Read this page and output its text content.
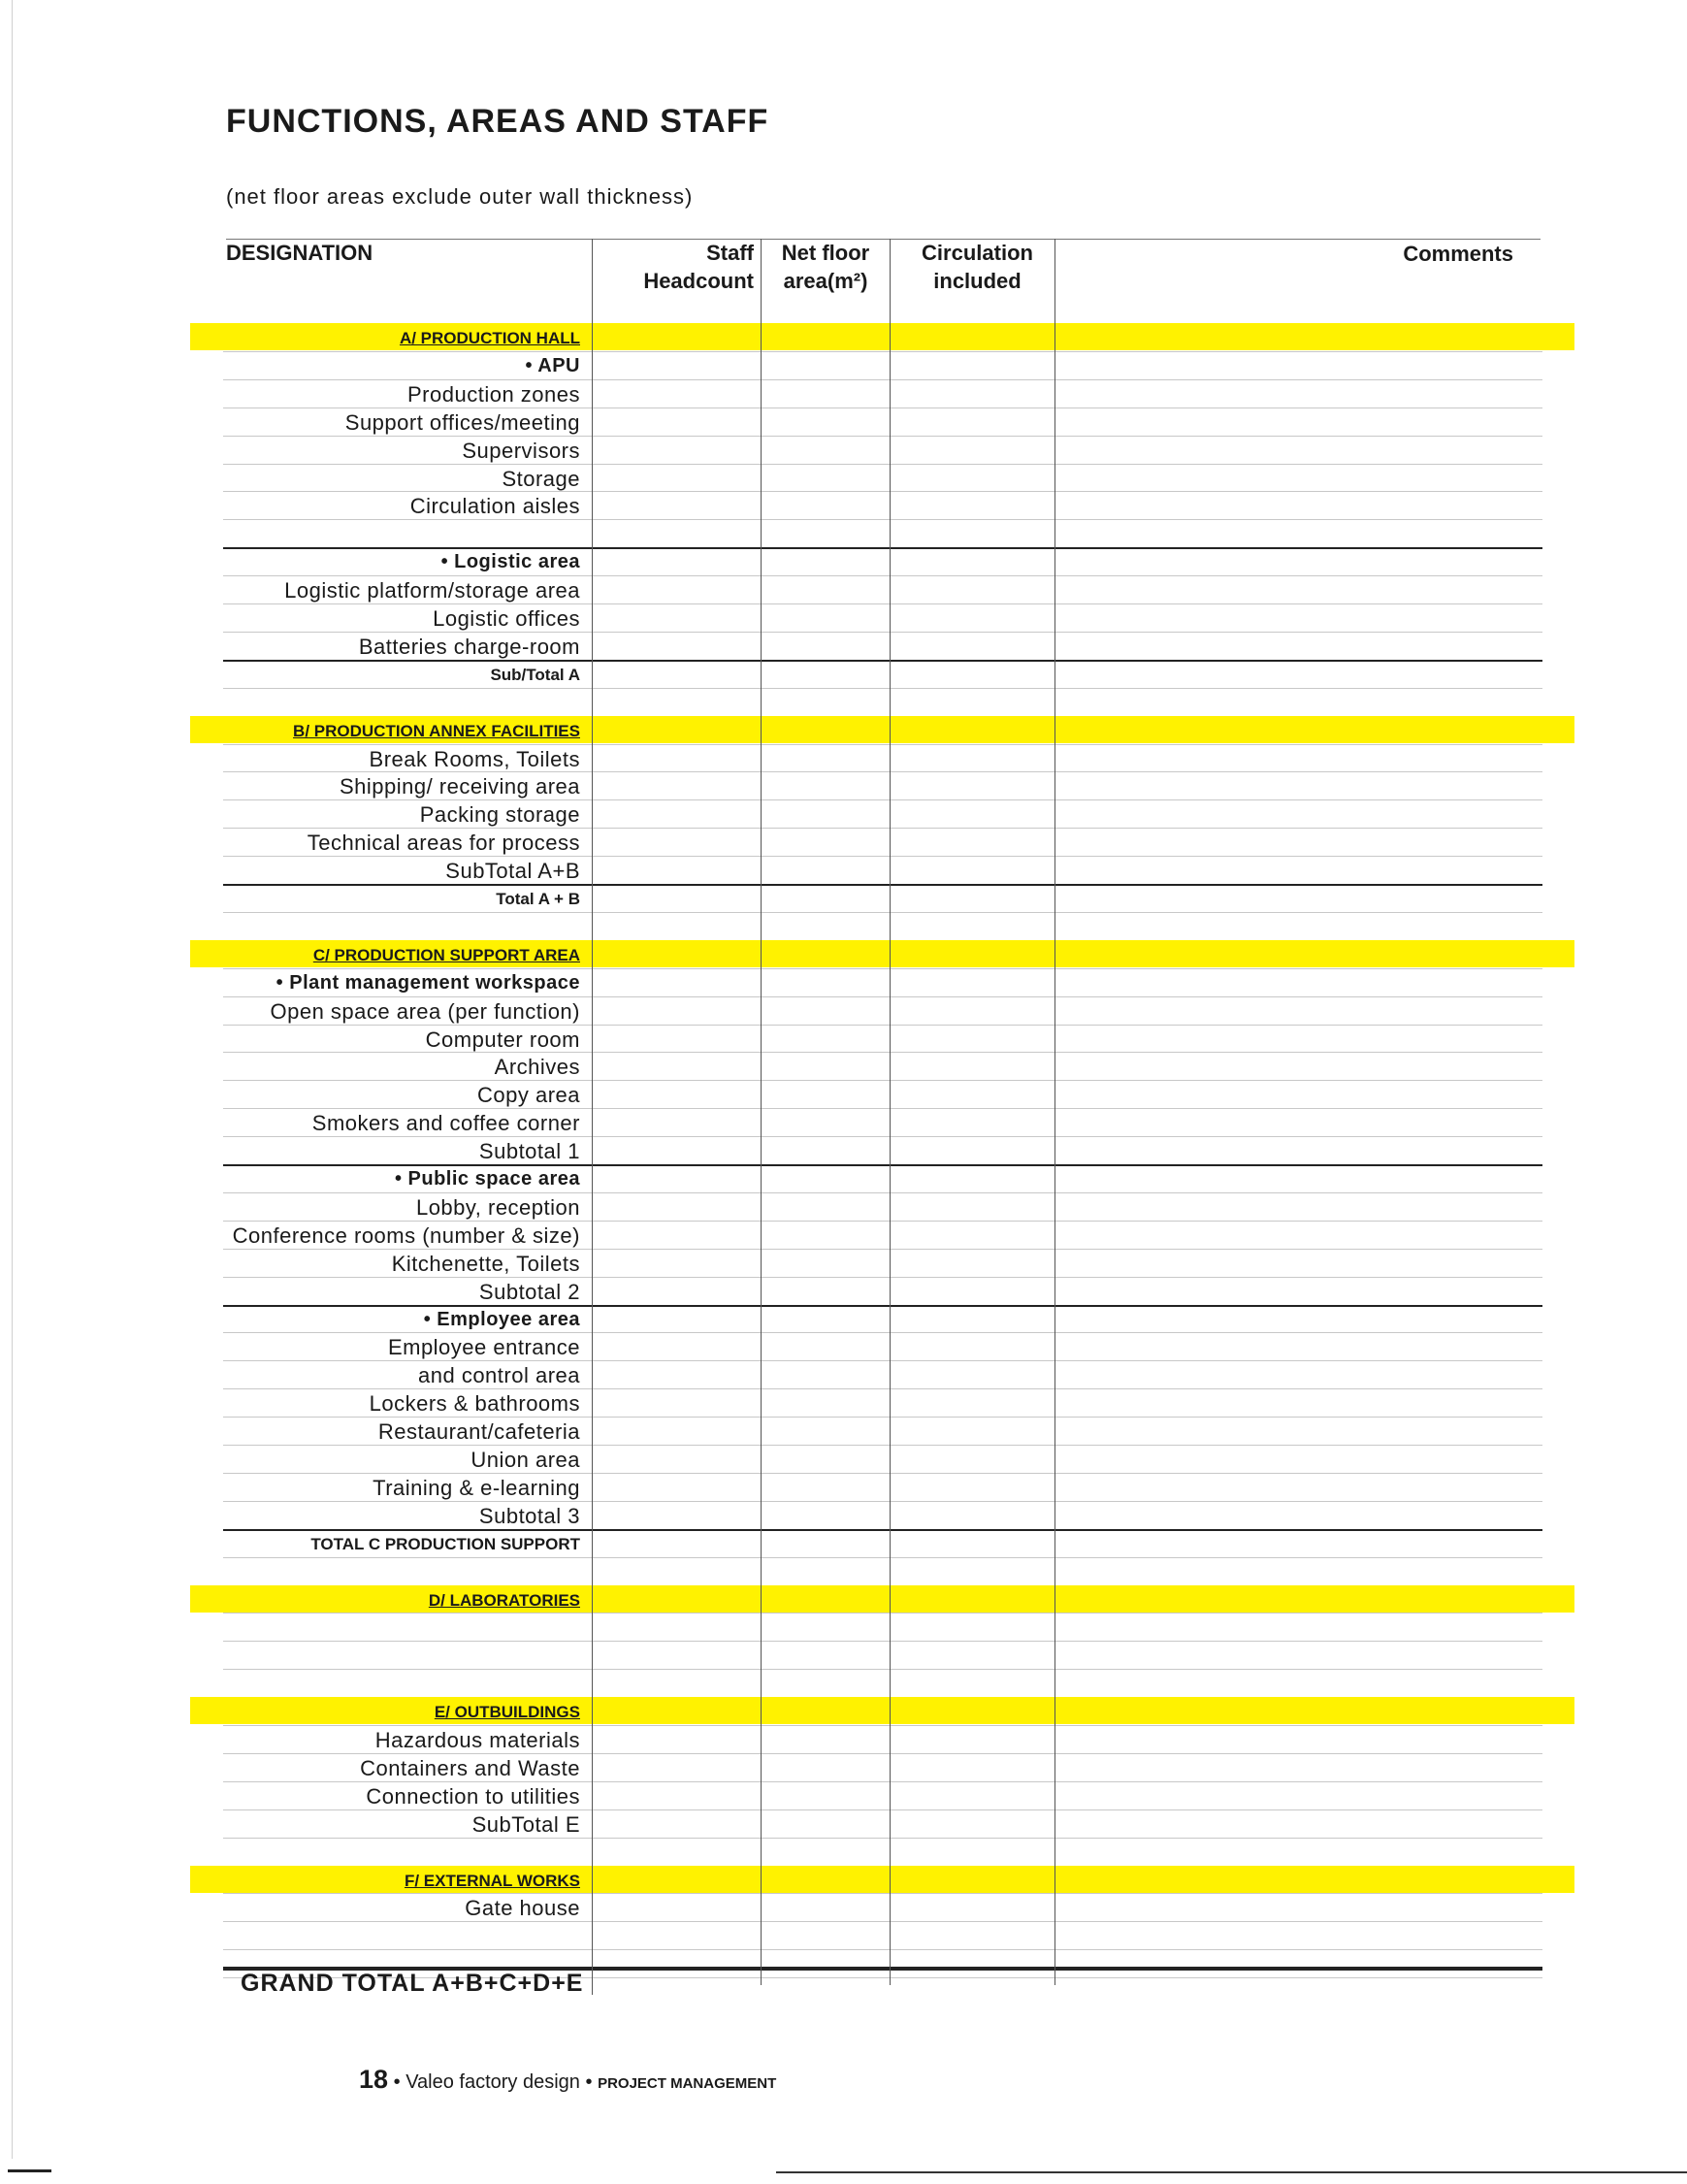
FUNCTIONS, AREAS AND STAFF
(net floor areas exclude outer wall thickness)
DESIGNATION	Staff
Headcount
Net floor
area(m²)
Circulation
included
Comments
A/ PRODUCTION HALL
• APU
Production zones
Support offices/meeting
Supervisors
Storage
Circulation aisles
• Logistic area
Logistic platform/storage area
Logistic offices
Batteries charge-room
Sub/Total A
B/ PRODUCTION ANNEX FACILITIES
Break Rooms, Toilets
Shipping/ receiving area
Packing storage
Technical areas for process
SubTotal A+B
Total A + B
C/ PRODUCTION SUPPORT AREA
• Plant management workspace
Open space area (per function)
Computer room
Archives
Copy area
Smokers and coffee corner
Subtotal 1
• Public space area
Lobby, reception
Conference rooms (number & size)
Kitchenette, Toilets
Subtotal 2
• Employee area
Employee entrance
and control area
Lockers & bathrooms
Restaurant/cafeteria
Union area
Training & e-learning
Subtotal 3
TOTAL C PRODUCTION SUPPORT
D/ LABORATORIES
E/ OUTBUILDINGS
Hazardous materials
Containers and Waste
Connection to utilities
SubTotal E
F/ EXTERNAL WORKS
Gate house
GRAND TOTAL A+B+C+D+E
18 • Valeo factory design • PROJECT MANAGEMENT
